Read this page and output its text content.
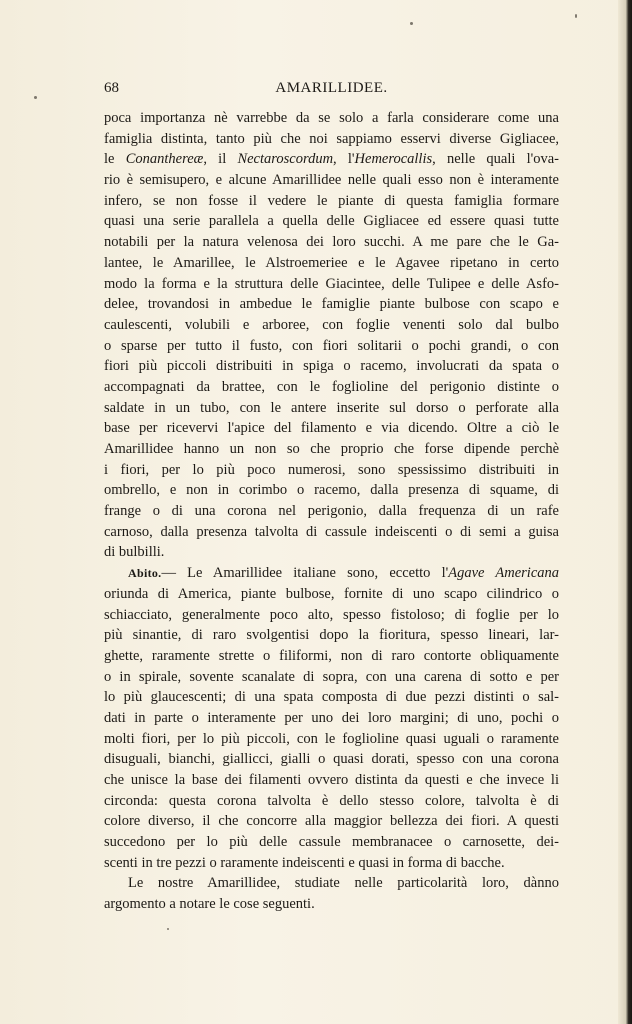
68	AMARILLIDEE.
poca importanza nè varrebbe da se solo a farla considerare come una
famiglia distinta, tanto più che noi sappiamo esservi diverse Gigliacee,
le Conanthereæ, il Nectaroscordum, l'Hemerocallis, nelle quali l'ova-
rio è semisupero, e alcune Amarillidee nelle quali esso non è interamente
infero, se non fosse il vedere le piante di questa famiglia formare
quasi una serie parallela a quella delle Gigliacee ed essere quasi tutte
notabili per la natura velenosa dei loro succhi. A me pare che le Ga-
lantee, le Amarillee, le Alstroemeriee e le Agavee ripetano in certo
modo la forma e la struttura delle Giacintee, delle Tulipee e delle Asfo-
delee, trovandosi in ambedue le famiglie piante bulbose con scapo e
caulescenti, volubili e arboree, con foglie venenti solo dal bulbo
o sparse per tutto il fusto, con fiori solitarii o pochi grandi, o con
fiori più piccoli distribuiti in spiga o racemo, involucrati da spata o
accompagnati da brattee, con le foglioline del perigonio distinte o
saldate in un tubo, con le antere inserite sul dorso o perforate alla
base per ricevervi l'apice del filamento e via dicendo. Oltre a ciò le
Amarillidee hanno un non so che proprio che forse dipende perchè
i fiori, per lo più poco numerosi, sono spessissimo distribuiti in
ombrello, e non in corimbo o racemo, dalla presenza di squame, di
frange o di una corona nel perigonio, dalla frequenza di un rafe
carnoso, dalla presenza talvolta di cassule indeiscenti o di semi a guisa
di bulbilli.
Abito.— Le Amarillidee italiane sono, eccetto l'Agave Americana
oriunda di America, piante bulbose, fornite di uno scapo cilindrico o
schiacciato, generalmente poco alto, spesso fistoloso; di foglie per lo
più sinantie, di raro svolgentisi dopo la fioritura, spesso lineari, lar-
ghette, raramente strette o filiformi, non di raro contorte obliquamente
o in spirale, sovente scanalate di sopra, con una carena di sotto e per
lo più glaucescenti; di una spata composta di due pezzi distinti o sal-
dati in parte o interamente per uno dei loro margini; di uno, pochi o
molti fiori, per lo più piccoli, con le foglioline quasi uguali o raramente
disuguali, bianchi, giallicci, gialli o quasi dorati, spesso con una corona
che unisce la base dei filamenti ovvero distinta da questi e che invece li
circonda: questa corona talvolta è dello stesso colore, talvolta è di
colore diverso, il che concorre alla maggior bellezza dei fiori. A questi
succedono per lo più delle cassule membranacee o carnosette, dei-
scenti in tre pezzi o raramente indeiscenti e quasi in forma di bacche.
Le nostre Amarillidee, studiate nelle particolarità loro, dànno
argomento a notare le cose seguenti.
